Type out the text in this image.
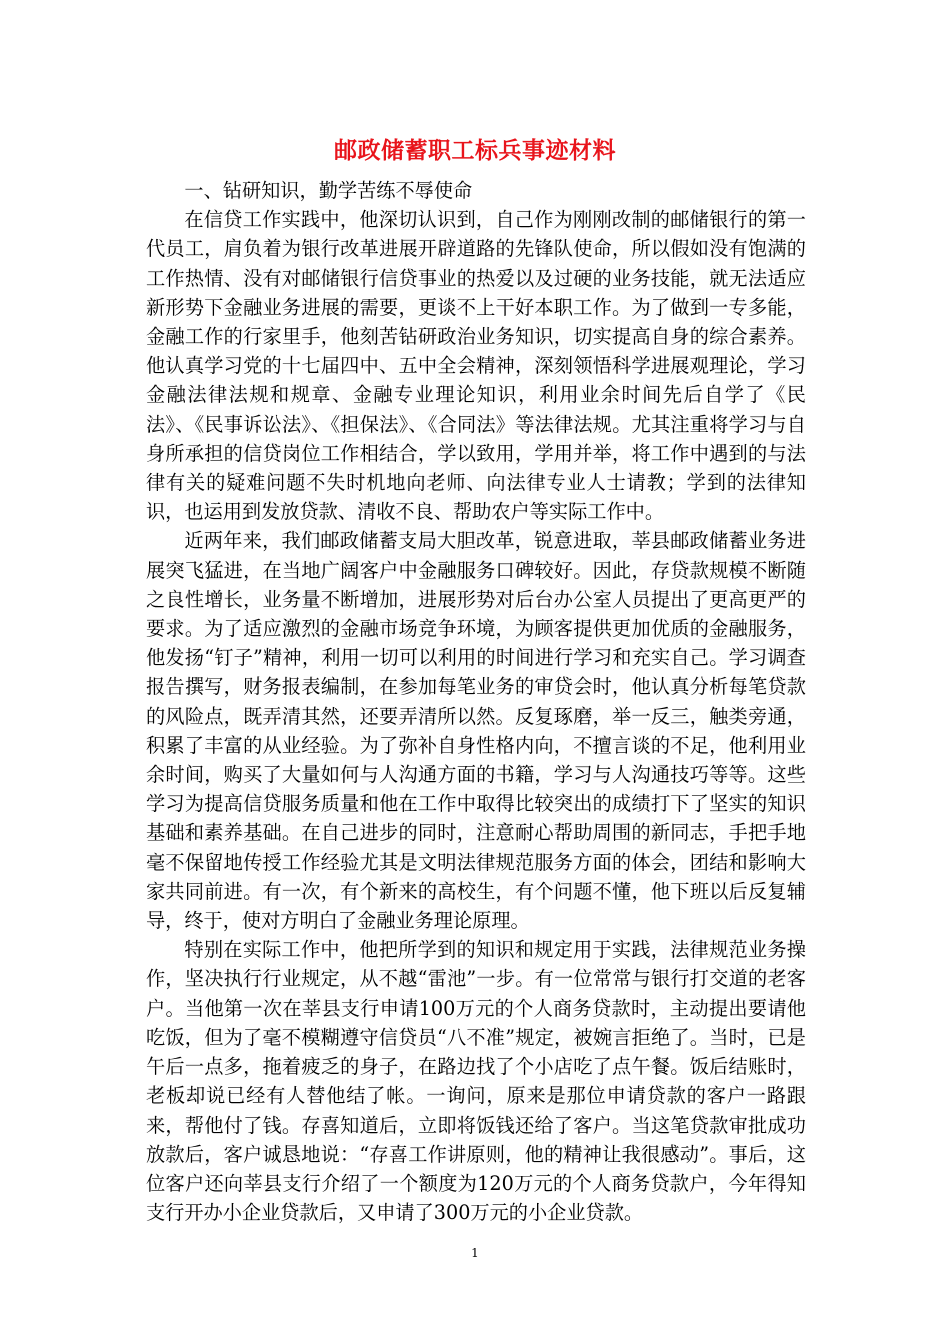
邮政储蓄职工标兵事迹材料

一、钻研知识，勤学苦练不辱使命

在信贷工作实践中，他深切认识到，自己作为刚刚改制的邮储银行的第一代员工，肩负着为银行改革进展开辟道路的先锋队使命，所以假如没有饱满的工作热情、没有对邮储银行信贷事业的热爱以及过硬的业务技能，就无法适应新形势下金融业务进展的需要，更谈不上干好本职工作。为了做到一专多能，金融工作的行家里手，他刻苦钻研政治业务知识，切实提高自身的综合素养。他认真学习党的十七届四中、五中全会精神，深刻领悟科学进展观理论，学习金融法律法规和规章、金融专业理论知识，利用业余时间先后自学了《民法》、《民事诉讼法》、《担保法》、《合同法》等法律法规。尤其注重将学习与自身所承担的信贷岗位工作相结合，学以致用，学用并举，将工作中遇到的与法律有关的疑难问题不失时机地向老师、向法律专业人士请教；学到的法律知识，也运用到发放贷款、清收不良、帮助农户等实际工作中。

近两年来，我们邮政储蓄支局大胆改革，锐意进取，莘县邮政储蓄业务进展突飞猛进，在当地广阔客户中金融服务口碑较好。因此，存贷款规模不断随之良性增长，业务量不断增加，进展形势对后台办公室人员提出了更高更严的要求。为了适应激烈的金融市场竞争环境，为顾客提供更加优质的金融服务，他发扬“钉子”精神，利用一切可以利用的时间进行学习和充实自己。学习调查报告撰写，财务报表编制，在参加每笔业务的审贷会时，他认真分析每笔贷款的风险点，既弄清其然，还要弄清所以然。反复琢磨，举一反三，触类旁通，积累了丰富的从业经验。为了弥补自身性格内向，不擅言谈的不足，他利用业余时间，购买了大量如何与人沟通方面的书籍，学习与人沟通技巧等等。这些学习为提高信贷服务质量和他在工作中取得比较突出的成绩打下了坚实的知识基础和素养基础。在自己进步的同时，注意耐心帮助周围的新同志，手把手地毫不保留地传授工作经验尤其是文明法律规范服务方面的体会，团结和影响大家共同前进。有一次，有个新来的高校生，有个问题不懂，他下班以后反复辅导，终于，使对方明白了金融业务理论原理。

特别在实际工作中，他把所学到的知识和规定用于实践，法律规范业务操作，坚决执行行业规定，从不越“雷池”一步。有一位常常与银行打交道的老客户。当他第一次在莘县支行申请100万元的个人商务贷款时，主动提出要请他吃饭，但为了毫不模糊遵守信贷员“八不准”规定，被婉言拒绝了。当时，已是午后一点多，拖着疲乏的身子，在路边找了个小店吃了点午餐。饭后结账时，老板却说已经有人替他结了帐。一询问，原来是那位申请贷款的客户一路跟来，帮他付了钱。存喜知道后，立即将饭钱还给了客户。当这笔贷款审批成功放款后，客户诚恳地说：“存喜工作讲原则，他的精神让我很感动”。事后，这位客户还向莘县支行介绍了一个额度为120万元的个人商务贷款户，今年得知支行开办小企业贷款后，又申请了300万元的小企业贷款。

1
